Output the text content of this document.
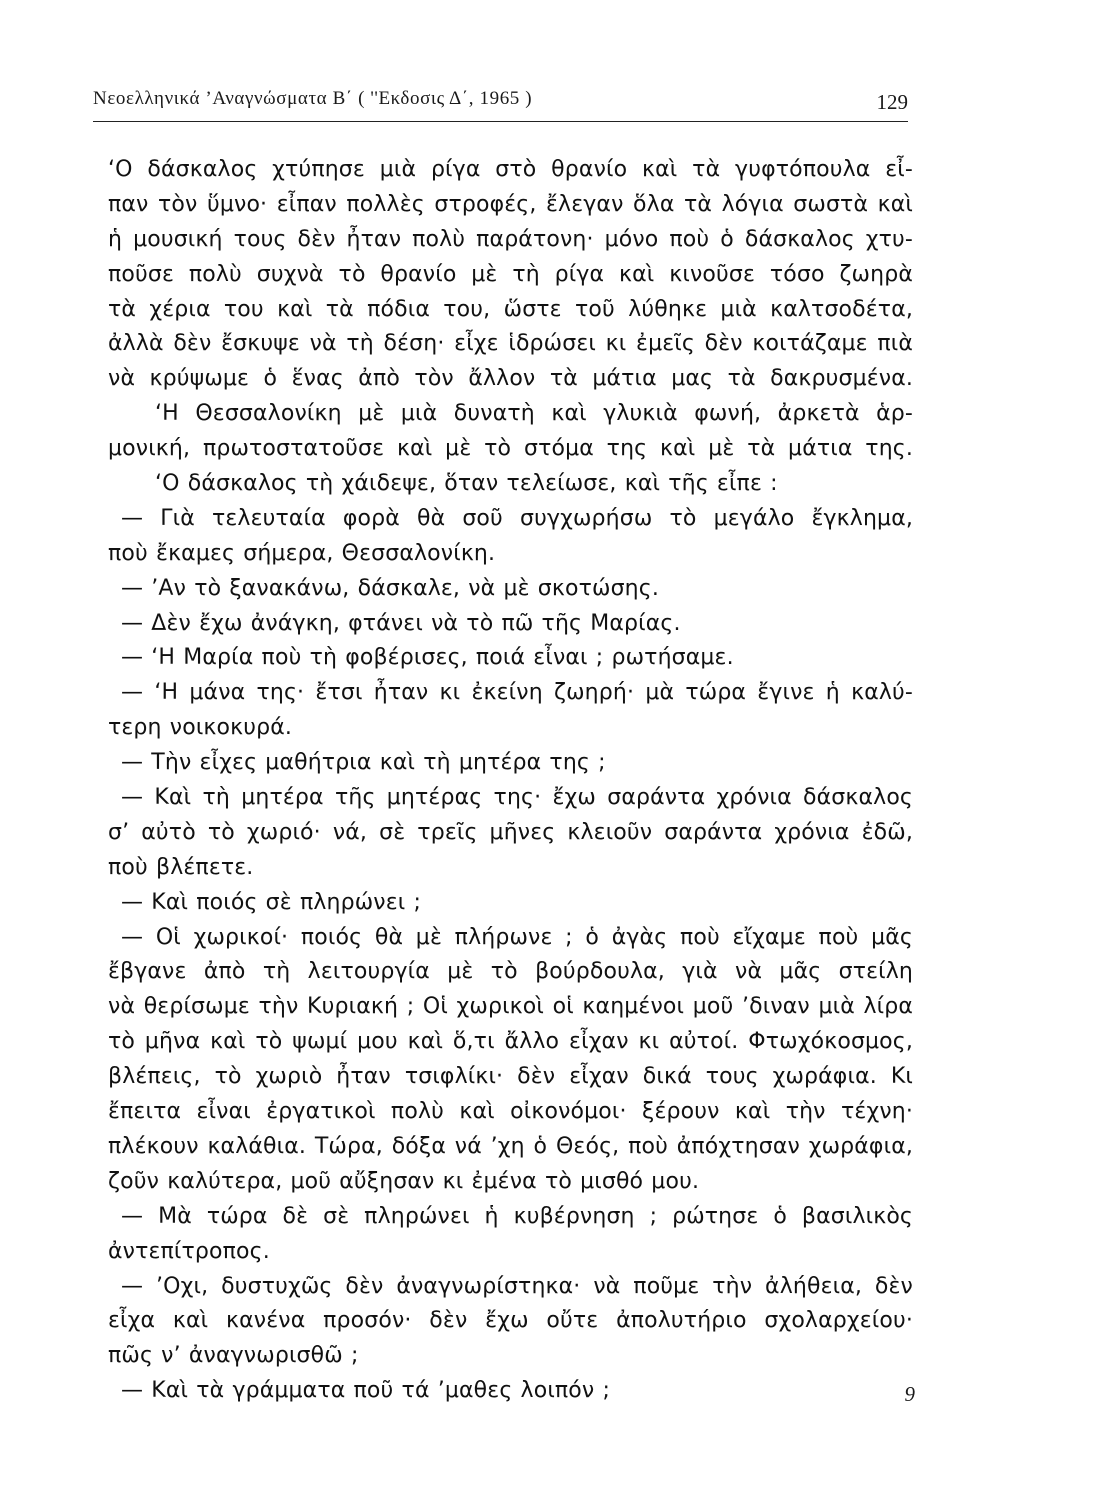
Νεοελληνικά ’Αναγνώσματα Β΄ ( ''Εκδοσις Δ΄, 1965 )	129
‘Ο δάσκαλος χτύπησε μιὰ ρίγα στὸ θρανίο καὶ τὰ γυφτόπουλα εἶ-
παν τὸν ὕμνο· εἶπαν πολλὲς στροφές, ἔλεγαν ὅλα τὰ λόγια σωστὰ καὶ
ἡ μουσική τους δὲν ἦταν πολὺ παράτονη· μόνο ποὺ ὁ δάσκαλος χτυ-
ποῦσε πολὺ συχνὰ τὸ θρανίο μὲ τὴ ρίγα καὶ κινοῦσε τόσο ζωηρὰ
τὰ χέρια του καὶ τὰ πόδια του, ὥστε τοῦ λύθηκε μιὰ καλτσοδέτα,
ἀλλὰ δὲν ἔσκυψε νὰ τὴ δέση· εἶχε ἱδρώσει κι ἐμεῖς δὲν κοιτάζαμε πιὰ
νὰ κρύψωμε ὁ ἕνας ἀπὸ τὸν ἄλλον τὰ μάτια μας τὰ δακρυσμένα.
‘Η Θεσσαλονίκη μὲ μιὰ δυνατὴ καὶ γλυκιὰ φωνή, ἀρκετὰ ἁρ-
μονική, πρωτοστατοῦσε καὶ μὲ τὸ στόμα της καὶ μὲ τὰ μάτια της.
‘Ο δάσκαλος τὴ χάιδεψε, ὅταν τελείωσε, καὶ τῆς εἶπε :
— Γιὰ τελευταία φορὰ θὰ σοῦ συγχωρήσω τὸ μεγάλο ἔγκλημα,
ποὺ ἔκαμες σήμερα, Θεσσαλονίκη.
— ’Αν τὸ ξανακάνω, δάσκαλε, νὰ μὲ σκοτώσης.
— Δὲν ἔχω ἀνάγκη, φτάνει νὰ τὸ πῶ τῆς Μαρίας.
— ‘Η Μαρία ποὺ τὴ φοβέρισες, ποιά εἶναι ; ρωτήσαμε.
— ‘Η μάνα της· ἔτσι ἦταν κι ἐκείνη ζωηρή· μὰ τώρα ἔγινε ἡ καλύ-
τερη νοικοκυρά.
— Τὴν εἶχες μαθήτρια καὶ τὴ μητέρα της ;
— Καὶ τὴ μητέρα τῆς μητέρας της· ἔχω σαράντα χρόνια δάσκαλος
σ’ αὐτὸ τὸ χωριό· νά, σὲ τρεῖς μῆνες κλειοῦν σαράντα χρόνια ἐδῶ,
ποὺ βλέπετε.
— Καὶ ποιός σὲ πληρώνει ;
— Οἱ χωρικοί· ποιός θὰ μὲ πλήρωνε ; ὁ ἀγὰς ποὺ εἴχαμε ποὺ μᾶς
ἔβγανε ἀπὸ τὴ λειτουργία μὲ τὸ βούρδουλα, γιὰ νὰ μᾶς στείλη
νὰ θερίσωμε τὴν Κυριακή ; Οἱ χωρικοὶ οἱ καημένοι μοῦ ’διναν μιὰ λίρα
τὸ μῆνα καὶ τὸ ψωμί μου καὶ ὅ,τι ἄλλο εἶχαν κι αὐτοί. Φτωχόκοσμος,
βλέπεις, τὸ χωριὸ ἦταν τσιφλίκι· δὲν εἶχαν δικά τους χωράφια. Κι
ἔπειτα εἶναι ἐργατικοὶ πολὺ καὶ οἰκονόμοι· ξέρουν καὶ τὴν τέχνη·
πλέκουν καλάθια. Τώρα, δόξα νά ’χη ὁ Θεός, ποὺ ἀπόχτησαν χωράφια,
ζοῦν καλύτερα, μοῦ αὔξησαν κι ἐμένα τὸ μισθό μου.
— Μὰ τώρα δὲ σὲ πληρώνει ἡ κυβέρνηση ; ρώτησε ὁ βασιλικὸς
ἀντεπίτροπος.
— ’Οχι, δυστυχῶς δὲν ἀναγνωρίστηκα· νὰ ποῦμε τὴν ἀλήθεια, δὲν
εἶχα καὶ κανένα προσόν· δὲν ἔχω οὔτε ἀπολυτήριο σχολαρχείου·
πῶς ν’ ἀναγνωρισθῶ ;
— Καὶ τὰ γράμματα ποῦ τά ’μαθες λοιπόν ;	9
